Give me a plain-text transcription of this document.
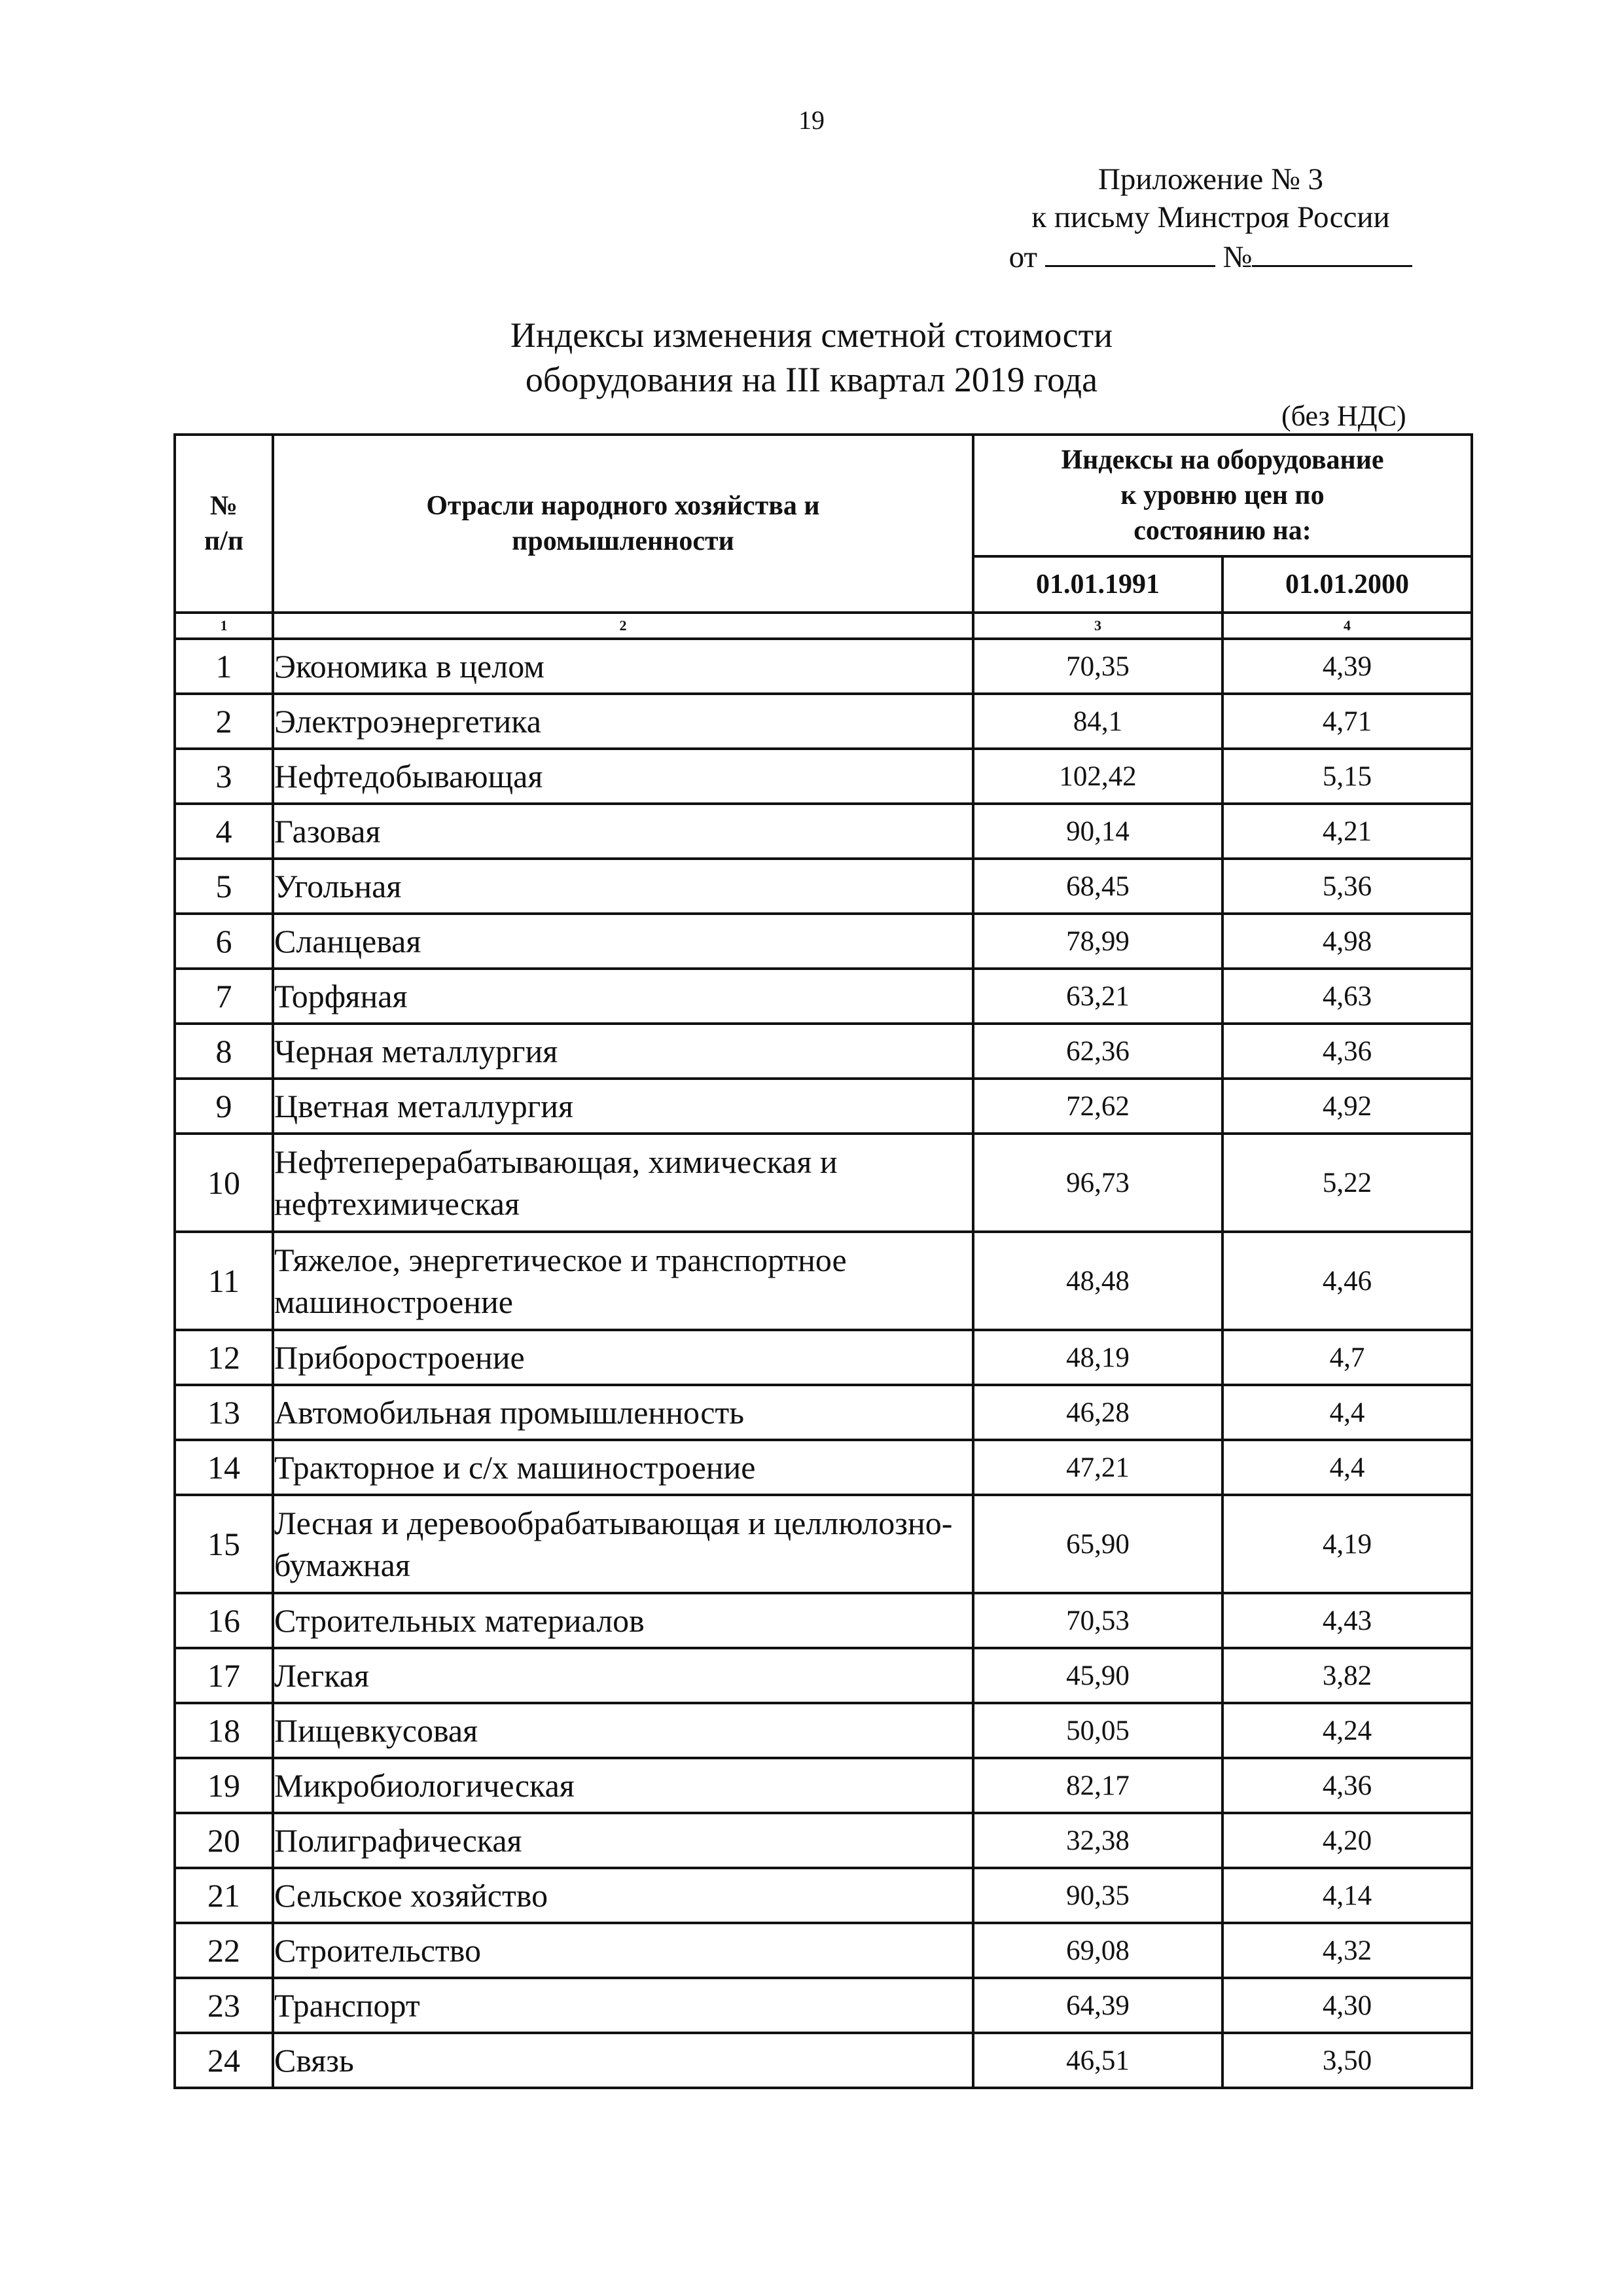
19
Приложение № 3
к письму Минстроя России
от	№
Индексы изменения сметной стоимости
оборудования на III квартал 2019 года
(без НДС)
№ п/п	Отрасли народного хозяйства и промышленности	Индексы на оборудование к уровню цен по состоянию на:	
		01.01.1991	01.01.2000
1	2	3	4
1	Экономика в целом	70,35	4,39
2	Электроэнергетика	84,1	4,71
3	Нефтедобывающая	102,42	5,15
4	Газовая	90,14	4,21
5	Угольная	68,45	5,36
6	Сланцевая	78,99	4,98
7	Торфяная	63,21	4,63
8	Черная металлургия	62,36	4,36
9	Цветная металлургия	72,62	4,92
10	Нефтеперерабатывающая, химическая и нефтехимическая	96,73	5,22
11	Тяжелое, энергетическое и транспортное машиностроение	48,48	4,46
12	Приборостроение	48,19	4,7
13	Автомобильная промышленность	46,28	4,4
14	Тракторное и с/х машиностроение	47,21	4,4
15	Лесная и деревообрабатывающая и целлюлозно-бумажная	65,90	4,19
16	Строительных материалов	70,53	4,43
17	Легкая	45,90	3,82
18	Пищевкусовая	50,05	4,24
19	Микробиологическая	82,17	4,36
20	Полиграфическая	32,38	4,20
21	Сельское хозяйство	90,35	4,14
22	Строительство	69,08	4,32
23	Транспорт	64,39	4,30
24	Связь	46,51	3,50
